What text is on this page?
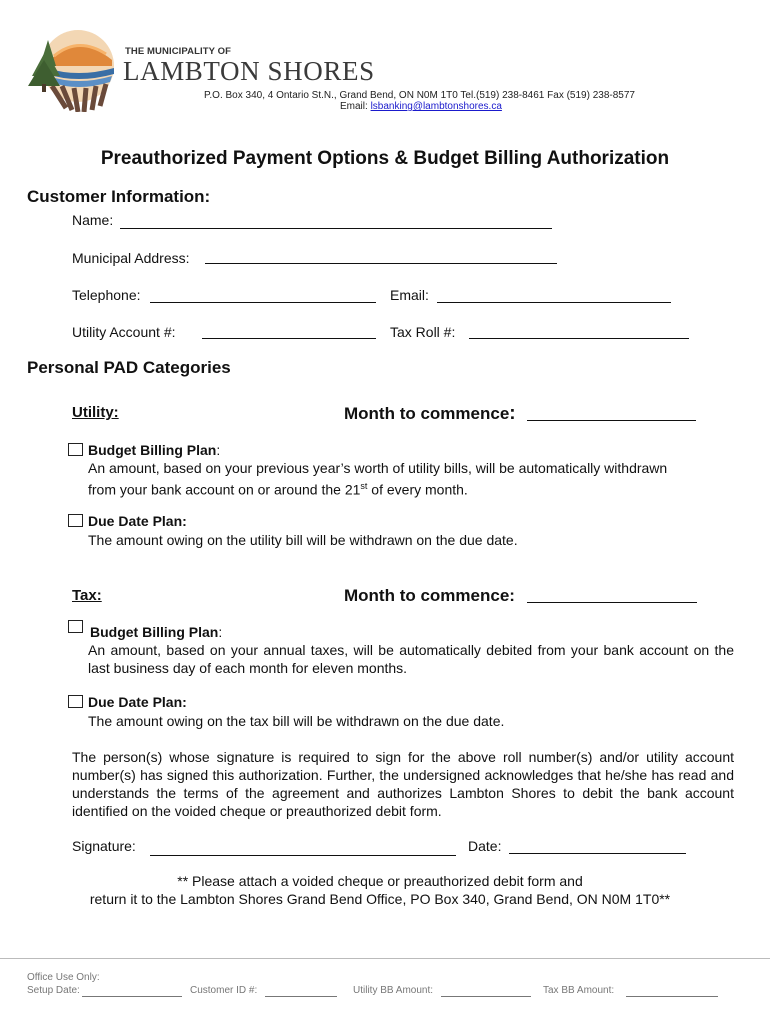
THE MUNICIPALITY OF
LAMBTON SHORES
P.O. Box 340, 4 Ontario St.N., Grand Bend, ON N0M 1T0 Tel.(519) 238-8461 Fax (519) 238-8577
Email: lsbanking@lambtonshores.ca
Preauthorized Payment Options & Budget Billing Authorization
Customer Information:
Name:
Municipal Address:
Telephone:	Email:
Utility Account #:	Tax Roll #:
Personal PAD Categories
Utility:	Month to commence:
Budget Billing Plan:
An amount, based on your previous year’s worth of utility bills, will be automatically withdrawn
from your bank account on or around the 21st of every month.
Due Date Plan:
The amount owing on the utility bill will be withdrawn on the due date.
Tax:	Month to commence:
Budget Billing Plan:
An amount, based on your annual taxes, will be automatically debited from your bank account on the last business day of each month for eleven months.
Due Date Plan:
The amount owing on the tax bill will be withdrawn on the due date.
The person(s) whose signature is required to sign for the above roll number(s) and/or utility account number(s) has signed this authorization. Further, the undersigned acknowledges that he/she has read and understands the terms of the agreement and authorizes Lambton Shores to debit the bank account identified on the voided cheque or preauthorized debit form.
Signature:	Date:
** Please attach a voided cheque or preauthorized debit form and
return it to the Lambton Shores Grand Bend Office, PO Box 340, Grand Bend, ON N0M 1T0**
Office Use Only:
Setup Date:	Customer ID #:	Utility BB Amount:	Tax BB Amount:
